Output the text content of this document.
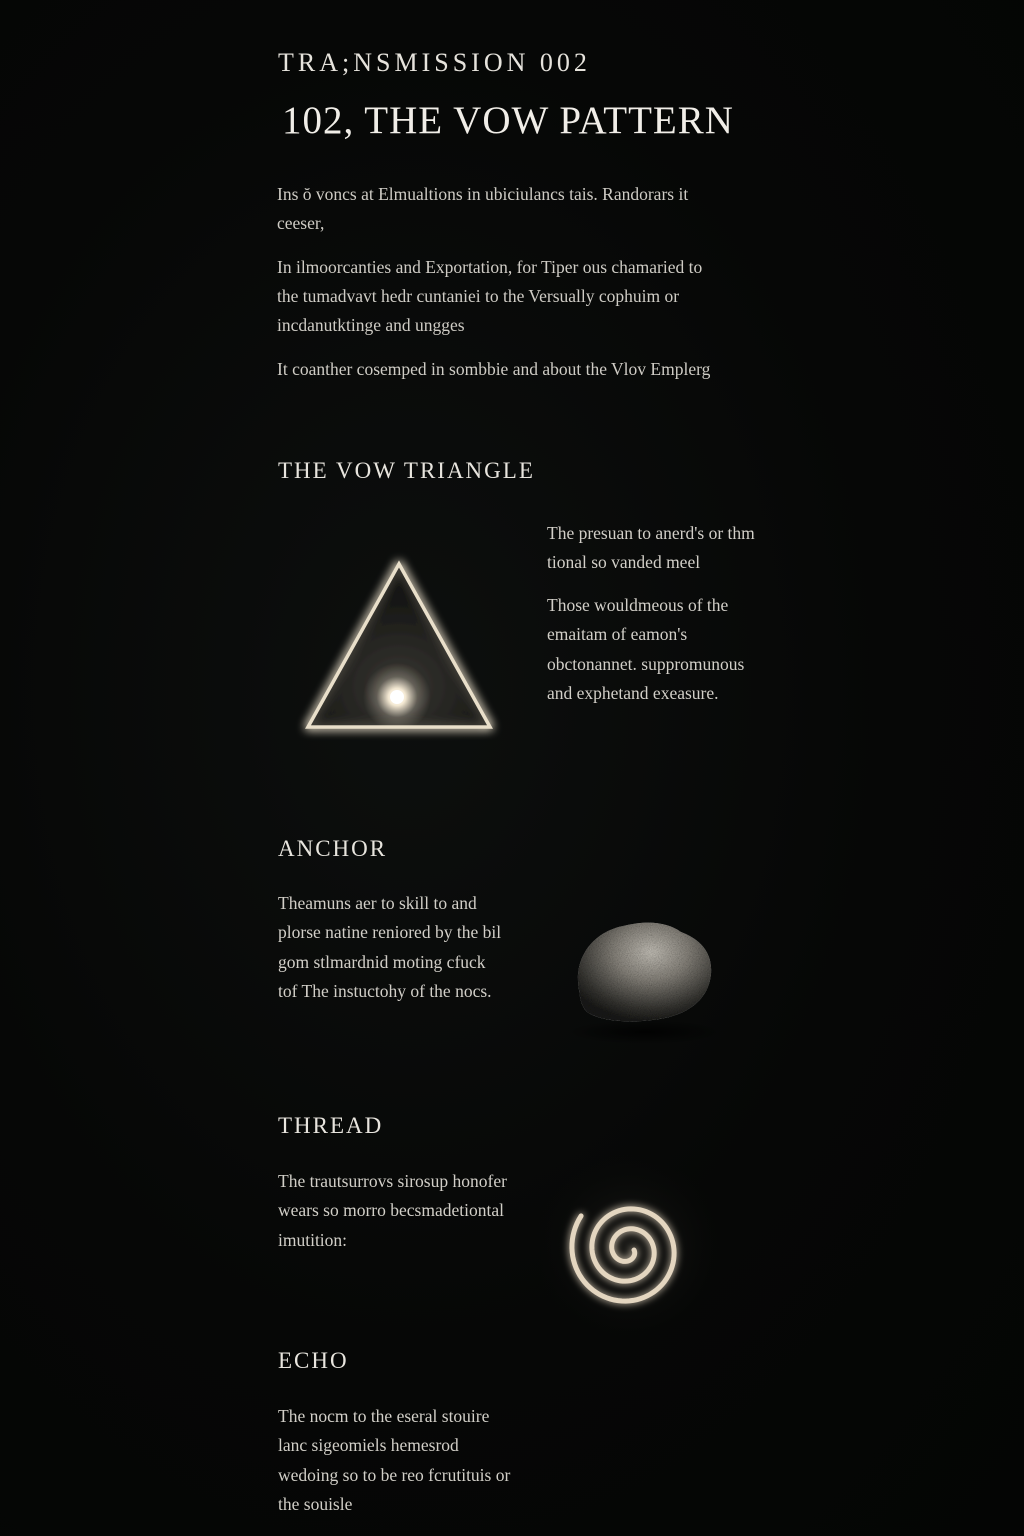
TRA;NSMISSION 002
102, THE VOW PATTERN

Ins ŏ voncs at Elmualtions in ubiciulancs tais. Randorars it ceeser,

In ilmoorcanties and Exportation, for Tiper ous chamaried to the tumadvavt hedr cuntaniei to the Versually cophuim or incdanutktinge and ungges

It coanther cosemped in sombbie and about the Vlov Emplerg

THE VOW TRIANGLE

The presuan to anerd's or thm tional so vanded meel

Those wouldmeous of the emaitam of eamon's obctonannet. suppromunous and exphetand exeasure.

ANCHOR
Theamuns aer to skill to and plorse natine reniored by the bil gom stlmardnid moting cfuck tof The instuctohy of the nocs.
THREAD
The trautsurrovs sirosup honofer wears so morro becsmadetiontal imutition:
ECHO
The nocm to the eseral stouire lanc sigeomiels hemesrod wedoing so to be reo fcrutituis or the souisle
